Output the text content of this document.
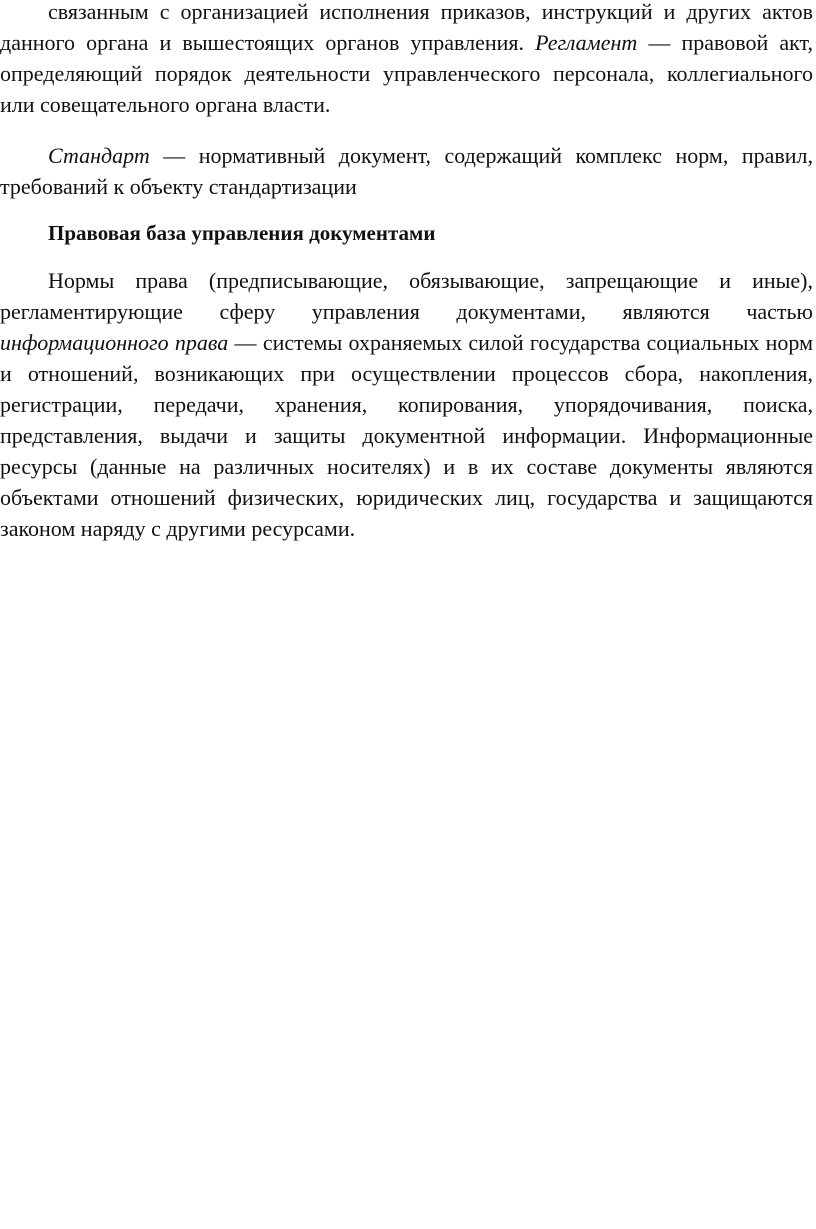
связанным с организацией исполнения приказов, инструкций и других актов данного органа и вышестоящих органов управления. Регламент — правовой акт, определяющий порядок деятельности управленческого персонала, коллегиального или совещательного органа власти.

Стандарт — нормативный документ, содержащий комплекс норм, правил, требований к объекту стандартизации

Правовая база управления документами

Нормы права (предписывающие, обязывающие, запрещающие и иные), регламентирующие сферу управления документами, являются частью информационного права — системы охраняемых силой государства социальных норм и отношений, возникающих при осуществлении процессов сбора, накопления, регистрации, передачи, хранения, копирования, упорядочивания, поиска, представления, выдачи и защиты документной информации. Информационные ресурсы (данные на различных носителях) и в их составе документы являются объектами отношений физических, юридических лиц, государства и защищаются законом наряду с другими ресурсами.
